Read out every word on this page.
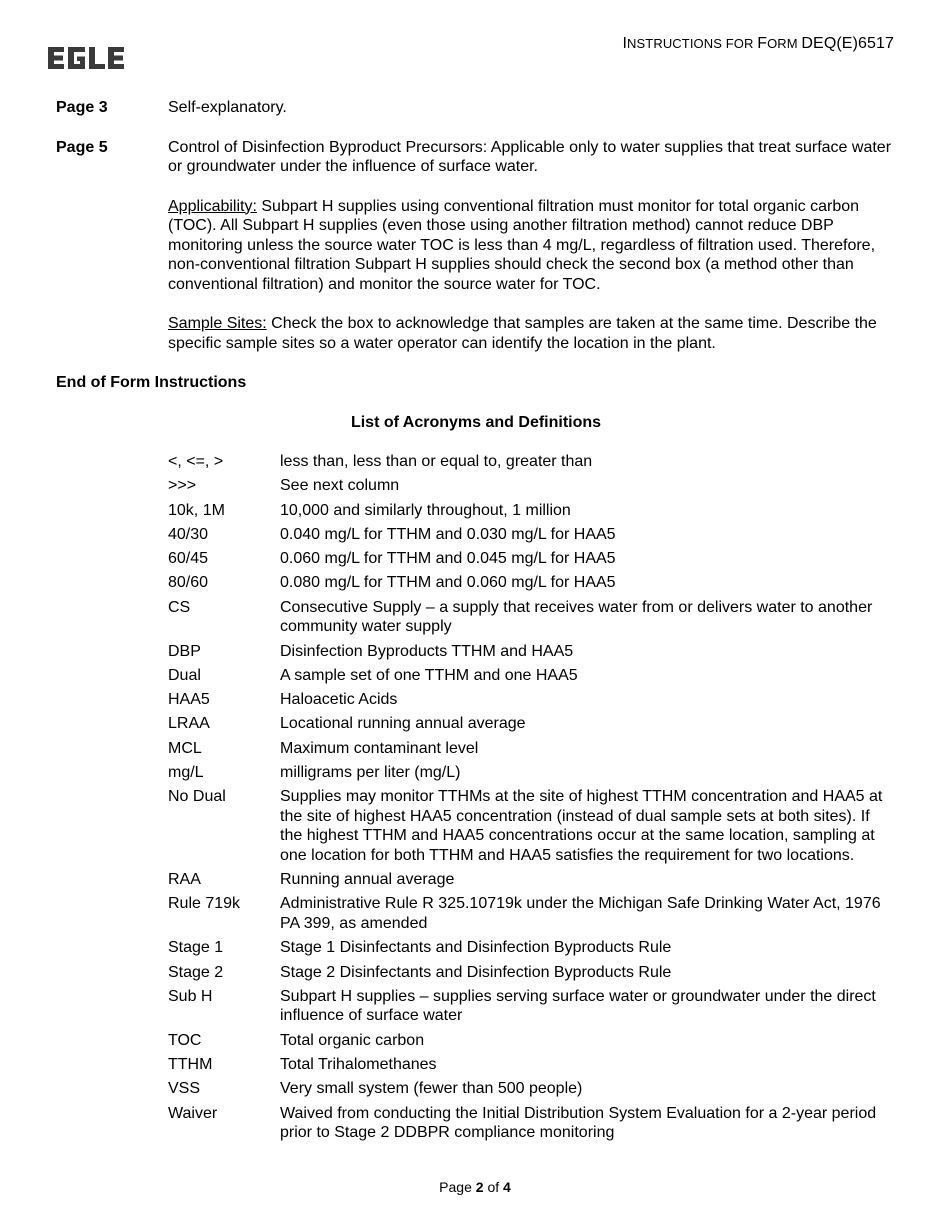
INSTRUCTIONS FOR FORM DEQ(E)6517
Page 3	Self-explanatory.

Page 5	Control of Disinfection Byproduct Precursors: Applicable only to water supplies that treat surface water or groundwater under the influence of surface water.

Applicability: Subpart H supplies using conventional filtration must monitor for total organic carbon (TOC). All Subpart H supplies (even those using another filtration method) cannot reduce DBP monitoring unless the source water TOC is less than 4 mg/L, regardless of filtration used. Therefore, non-conventional filtration Subpart H supplies should check the second box (a method other than conventional filtration) and monitor the source water for TOC.

Sample Sites: Check the box to acknowledge that samples are taken at the same time. Describe the specific sample sites so a water operator can identify the location in the plant.

End of Form Instructions
List of Acronyms and Definitions
<, <=, >	less than, less than or equal to, greater than
>>>	See next column
10k, 1M	10,000 and similarly throughout, 1 million
40/30	0.040 mg/L for TTHM and 0.030 mg/L for HAA5
60/45	0.060 mg/L for TTHM and 0.045 mg/L for HAA5
80/60	0.080 mg/L for TTHM and 0.060 mg/L for HAA5
CS	Consecutive Supply – a supply that receives water from or delivers water to another community water supply
DBP	Disinfection Byproducts TTHM and HAA5
Dual	A sample set of one TTHM and one HAA5
HAA5	Haloacetic Acids
LRAA	Locational running annual average
MCL	Maximum contaminant level
mg/L	milligrams per liter (mg/L)
No Dual	Supplies may monitor TTHMs at the site of highest TTHM concentration and HAA5 at the site of highest HAA5 concentration (instead of dual sample sets at both sites). If the highest TTHM and HAA5 concentrations occur at the same location, sampling at one location for both TTHM and HAA5 satisfies the requirement for two locations.
RAA	Running annual average
Rule 719k	Administrative Rule R 325.10719k under the Michigan Safe Drinking Water Act, 1976 PA 399, as amended
Stage 1	Stage 1 Disinfectants and Disinfection Byproducts Rule
Stage 2	Stage 2 Disinfectants and Disinfection Byproducts Rule
Sub H	Subpart H supplies – supplies serving surface water or groundwater under the direct influence of surface water
TOC	Total organic carbon
TTHM	Total Trihalomethanes
VSS	Very small system (fewer than 500 people)
Waiver	Waived from conducting the Initial Distribution System Evaluation for a 2-year period prior to Stage 2 DDBPR compliance monitoring
Page 2 of 4
